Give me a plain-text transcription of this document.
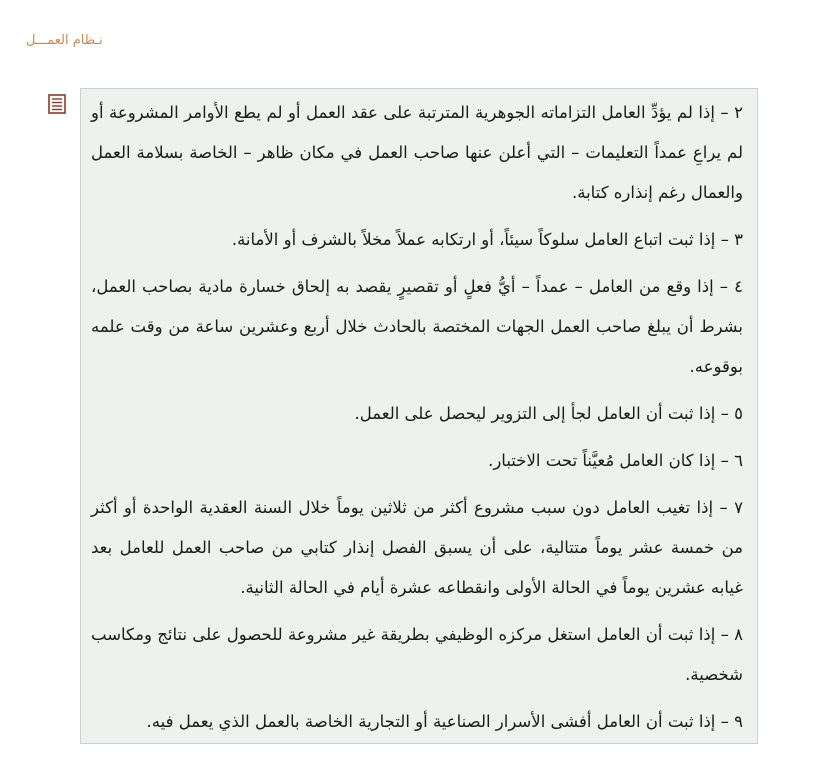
نـظام العمـــل

٢ – إذا لم يؤدِّ العامل التزاماته الجوهرية المترتبة على عقد العمل أو لم يطع الأوامر المشروعة أو لم يراعِ عمداً التعليمات – التي أعلن عنها صاحب العمل في مكان ظاهر – الخاصة بسلامة العمل والعمال رغم إنذاره كتابة.

٣ – إذا ثبت اتباع العامل سلوكاً سيئاً، أو ارتكابه عملاً مخلاً بالشرف أو الأمانة.

٤ – إذا وقع من العامل – عمداً – أيُّ فعلٍ أو تقصيرٍ يقصد به إلحاق خسارة مادية بصاحب العمل، بشرط أن يبلغ صاحب العمل الجهات المختصة بالحادث خلال أربع وعشرين ساعة من وقت علمه بوقوعه.

٥ – إذا ثبت أن العامل لجأ إلى التزوير ليحصل على العمل.

٦ – إذا كان العامل مُعيَّناً تحت الاختبار.

٧ – إذا تغيب العامل دون سبب مشروع أكثر من ثلاثين يوماً خلال السنة العقدية الواحدة أو أكثر من خمسة عشر يوماً متتالية، على أن يسبق الفصل إنذار كتابي من صاحب العمل للعامل بعد غيابه عشرين يوماً في الحالة الأولى وانقطاعه عشرة أيام في الحالة الثانية.

٨ – إذا ثبت أن العامل استغل مركزه الوظيفي بطريقة غير مشروعة للحصول على نتائج ومكاسب شخصية.

٩ – إذا ثبت أن العامل أفشى الأسرار الصناعية أو التجارية الخاصة بالعمل الذي يعمل فيه.
